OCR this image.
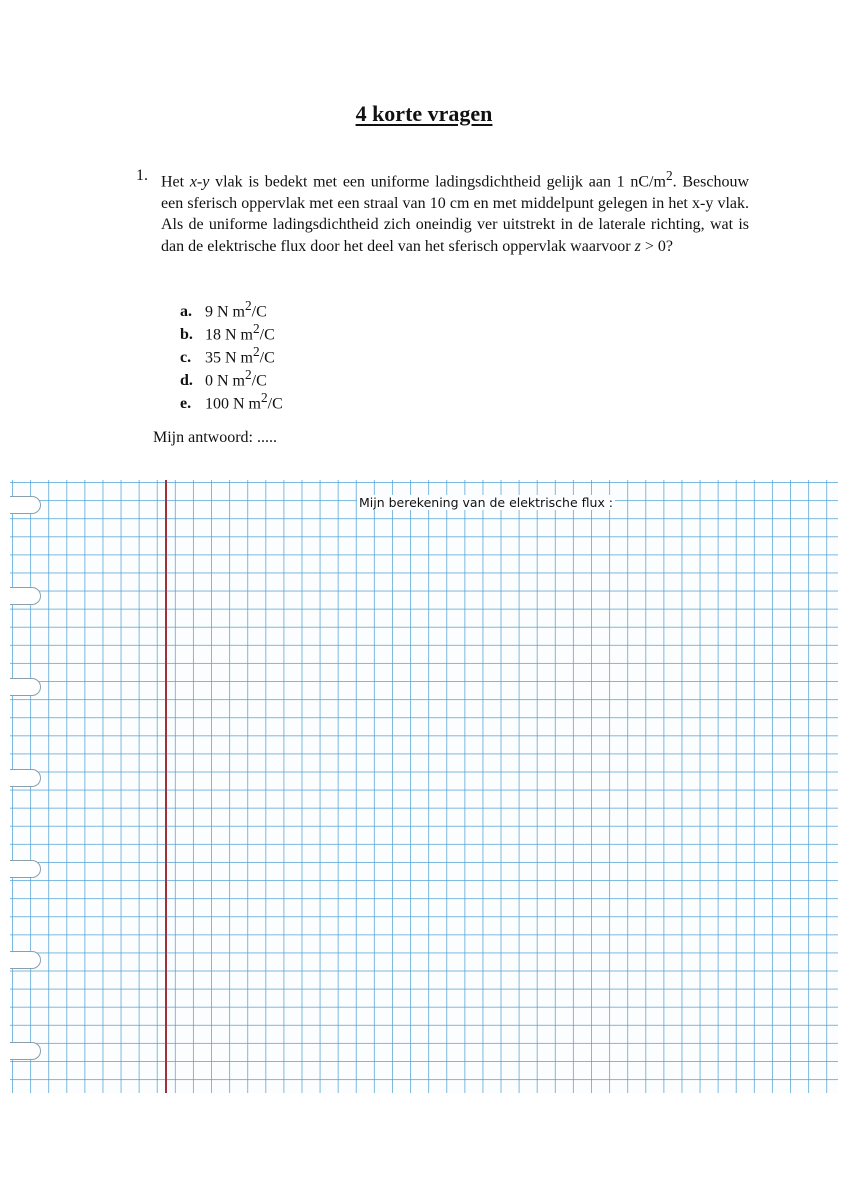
4 korte vragen
1. Het x-y vlak is bedekt met een uniforme ladingsdichtheid gelijk aan 1 $nC/m^2$. Beschouw een sferisch oppervlak met een straal van 10 cm en met middelpunt gelegen in het x-y vlak. Als de uniforme ladingsdichtheid zich oneindig ver uitstrekt in de laterale richting, wat is dan de elektrische flux door het deel van het sferisch oppervlak waarvoor z > 0?
a. 9 N $m^2/C$
b. 18 N $m^2/C$
c. 35 N $m^2/C$
d. 0 N $m^2/C$
e. 100 N $m^2/C$
Mijn antwoord: .....
Mijn berekening van de elektrische flux :
